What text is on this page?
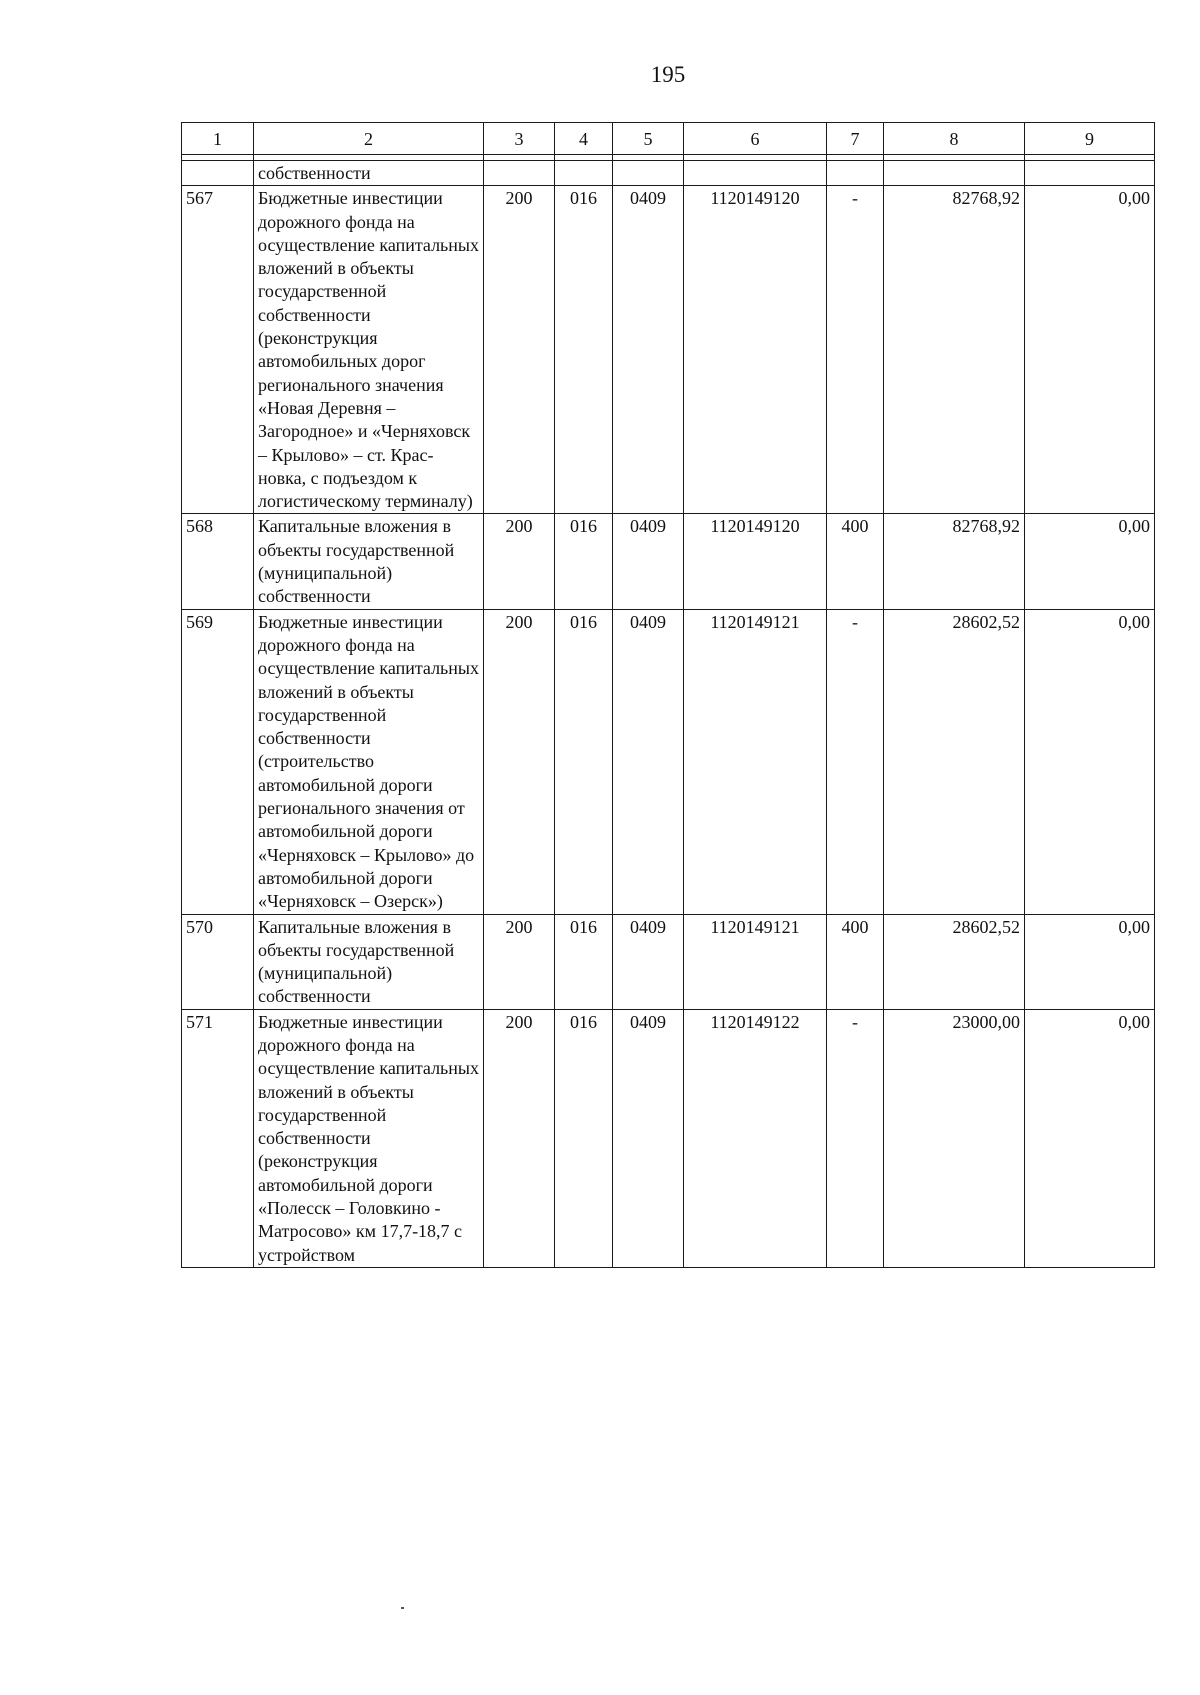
195
1	2	3	4	5	6	7	8	9

	собственности							
567	Бюджетные инвестиции дорожного фонда на осуществление капитальных вложений в объекты государственной собственности (реконструкция автомобильных дорог регионального значения «Новая Деревня – Загородное» и «Черняховск – Крылово» – ст. Крас-новка, с подъездом к логистическому терминалу)	200	016	0409	1120149120	-	82768,92	0,00
568	Капитальные вложения в объекты государственной (муниципальной) собственности	200	016	0409	1120149120	400	82768,92	0,00
569	Бюджетные инвестиции дорожного фонда на осуществление капитальных вложений в объекты государственной собственности (строительство автомобильной дороги регионального значения от автомобильной дороги «Черняховск – Крылово» до автомобильной дороги «Черняховск – Озерск»)	200	016	0409	1120149121	-	28602,52	0,00
570	Капитальные вложения в объекты государственной (муниципальной) собственности	200	016	0409	1120149121	400	28602,52	0,00
571	Бюджетные инвестиции дорожного фонда на осуществление капитальных вложений в объекты государственной собственности (реконструкция автомобильной дороги «Полесск – Головкино - Матросово» км 17,7-18,7 с устройством	200	016	0409	1120149122	-	23000,00	0,00
